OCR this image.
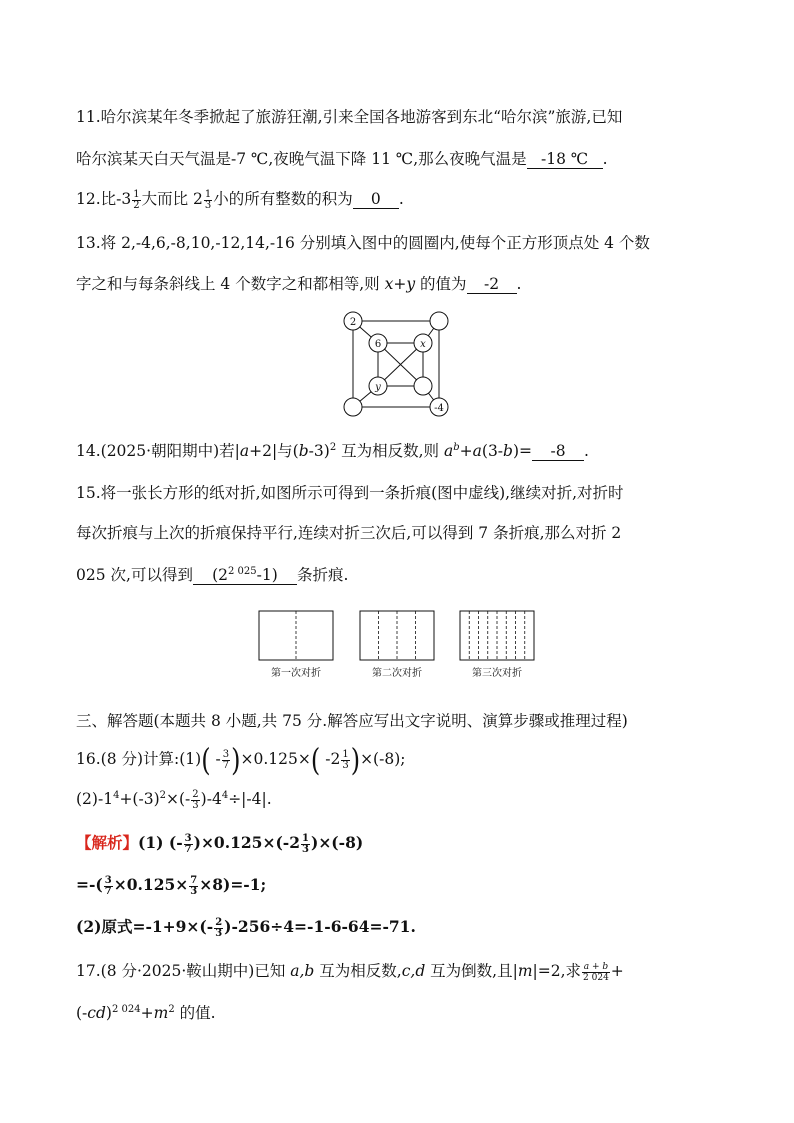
11.哈尔滨某年冬季掀起了旅游狂潮,引来全国各地游客到东北“哈尔滨”旅游,已知
哈尔滨某天白天气温是-7 ℃,夜晚气温下降 11 ℃,那么夜晚气温是 -18 ℃ .
12.比$-3 \frac{1}{2}$ 大而比 $2 \frac{1}{3}$ 小的所有整数的积为 0 .
13.将 2,-4,6,-8,10,-12,14,-16 分别填入图中的圆圈内,使每个正方形顶点处 4 个数
字之和与每条斜线上 4 个数字之和都相等,则 x+y 的值为 -2 .
2
6	x
y
-4
14.(2025·朝阳期中)若|a+2|与$(b-3)^2$ 互为相反数,则 $a^b+a(3-b)= -8$ .
15.将一张长方形的纸对折,如图所示可得到一条折痕(图中虚线),继续对折,对折时
每次折痕与上次的折痕保持平行,连续对折三次后,可以得到 7 条折痕,那么对折 2
025 次,可以得到 $(2^{2 025}-1)$ 条折痕.
第一次对折	第二次对折	第三次对折
三、解答题(本题共 8 小题,共 75 分.解答应写出文字说明、演算步骤或推理过程)
16.(8 分)计算:(1)( - $\frac{3}{7} )\times 0.125\times$( $-2 \frac{1}{3} )\times(-8)$;
$(2)-1^4+(-3)^2\times(- \frac{2}{3} )-4^4\div|-4|$.
【解析】(1) (- $\frac{3}{7} )\times 0.125\times(-2 \frac{1}{3} )\times(-8)$
=-( $\frac{3}{7} \times 0.125\times \frac{7}{3} \times 8)=-1$;
(2)原式$=-1+9\times(- \frac{2}{3} )-256\div 4=-1-6-64=-71$.
17.(8 分·2025·鞍山期中)已知 a,b 互为相反数,c,d 互为倒数,且|m|=2,求 $\frac{a + b}{2 024}$ +
$(-cd)^{2 024}+m^2$ 的值.
